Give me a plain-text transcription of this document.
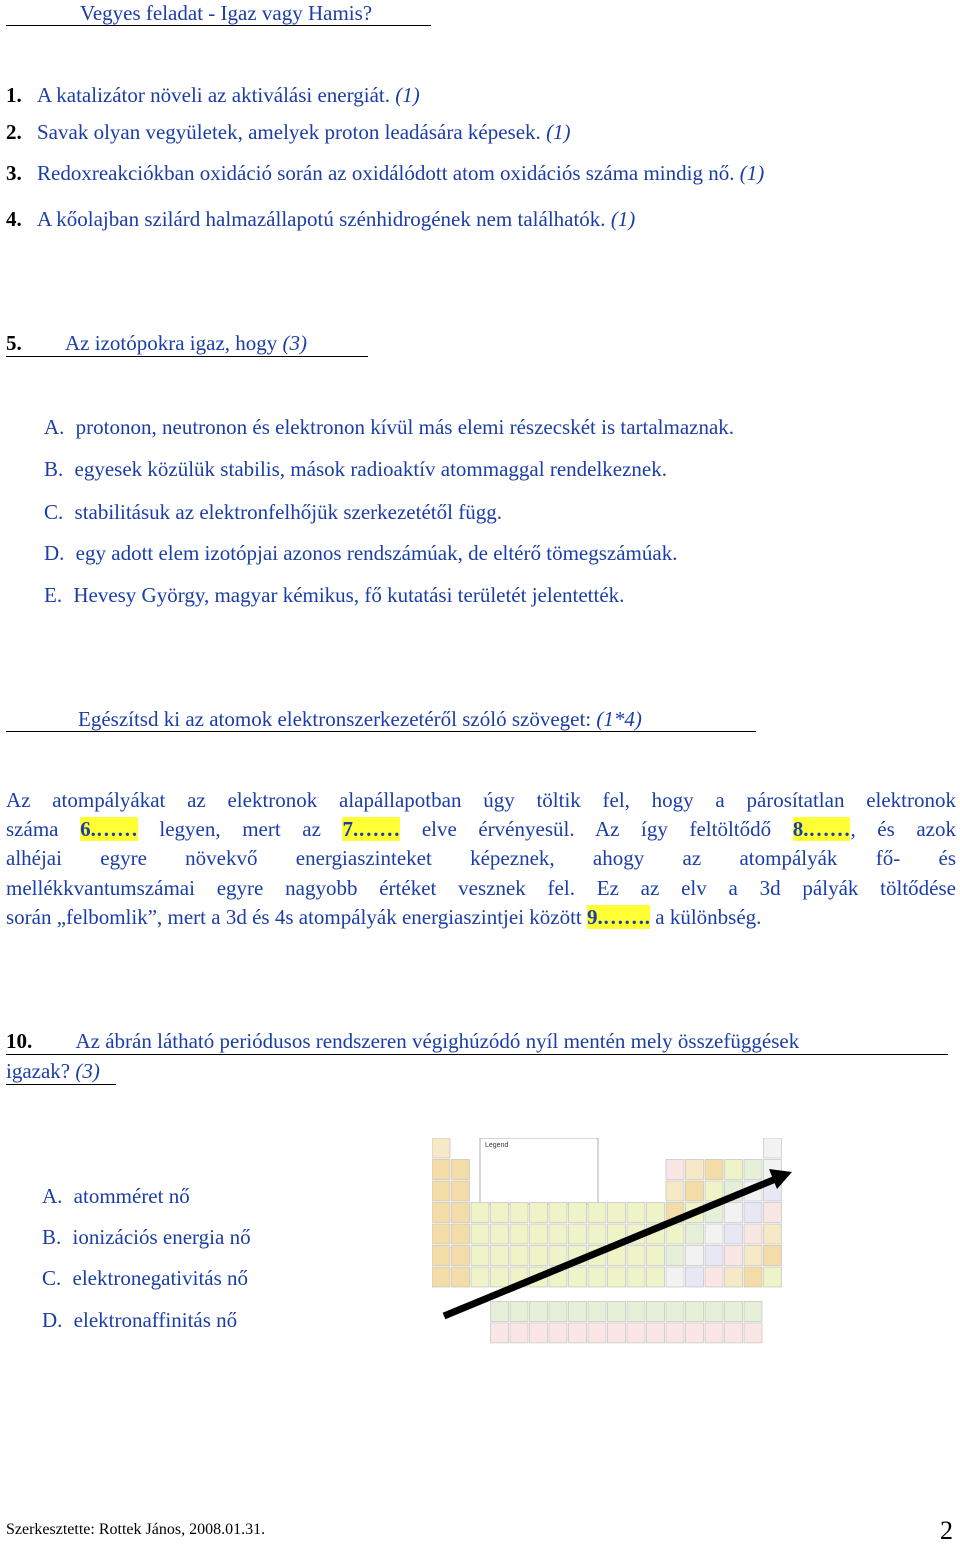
Vegyes feladat - Igaz vagy Hamis?
1. A katalizátor növeli az aktiválási energiát. (1)
2. Savak olyan vegyületek, amelyek proton leadására képesek. (1)
3. Redoxreakciókban oxidáció során az oxidálódott atom oxidációs száma mindig nő. (1)
4. A kőolajban szilárd halmazállapotú szénhidrogének nem találhatók. (1)
5. Az izotópokra igaz, hogy (3)
A. protonon, neutronon és elektronon kívül más elemi részecskét is tartalmaznak.
B. egyesek közülük stabilis, mások radioaktív atommaggal rendelkeznek.
C. stabilitásuk az elektronfelhőjük szerkezetétől függ.
D. egy adott elem izotópjai azonos rendszámúak, de eltérő tömegszámúak.
E. Hevesy György, magyar kémikus, fő kutatási területét jelentették.
Egészítsd ki az atomok elektronszerkezetéről szóló szöveget: (1*4)
Az atompályákat az elektronok alapállapotban úgy töltik fel, hogy a párosítatlan elektronok
száma 6.…… legyen, mert az 7.…… elve érvényesül. Az így feltöltődő 8.……, és azok
alhéjai egyre növekvő energiaszinteket képeznek, ahogy az atompályák fő- és
mellékkvantumszámai egyre nagyobb értéket vesznek fel. Ez az elv a 3d pályák töltődése
során „felbomlik”, mert a 3d és 4s atompályák energiaszintjei között 9.……. a különbség.
10. Az ábrán látható periódusos rendszeren végighúzódó nyíl mentén mely összefüggések
igazak? (3)
A. atomméret nő
B. ionizációs energia nő
C. elektronegativitás nő
D. elektronaffinitás nő
Legend
Szerkesztette: Rottek János, 2008.01.31.	2
